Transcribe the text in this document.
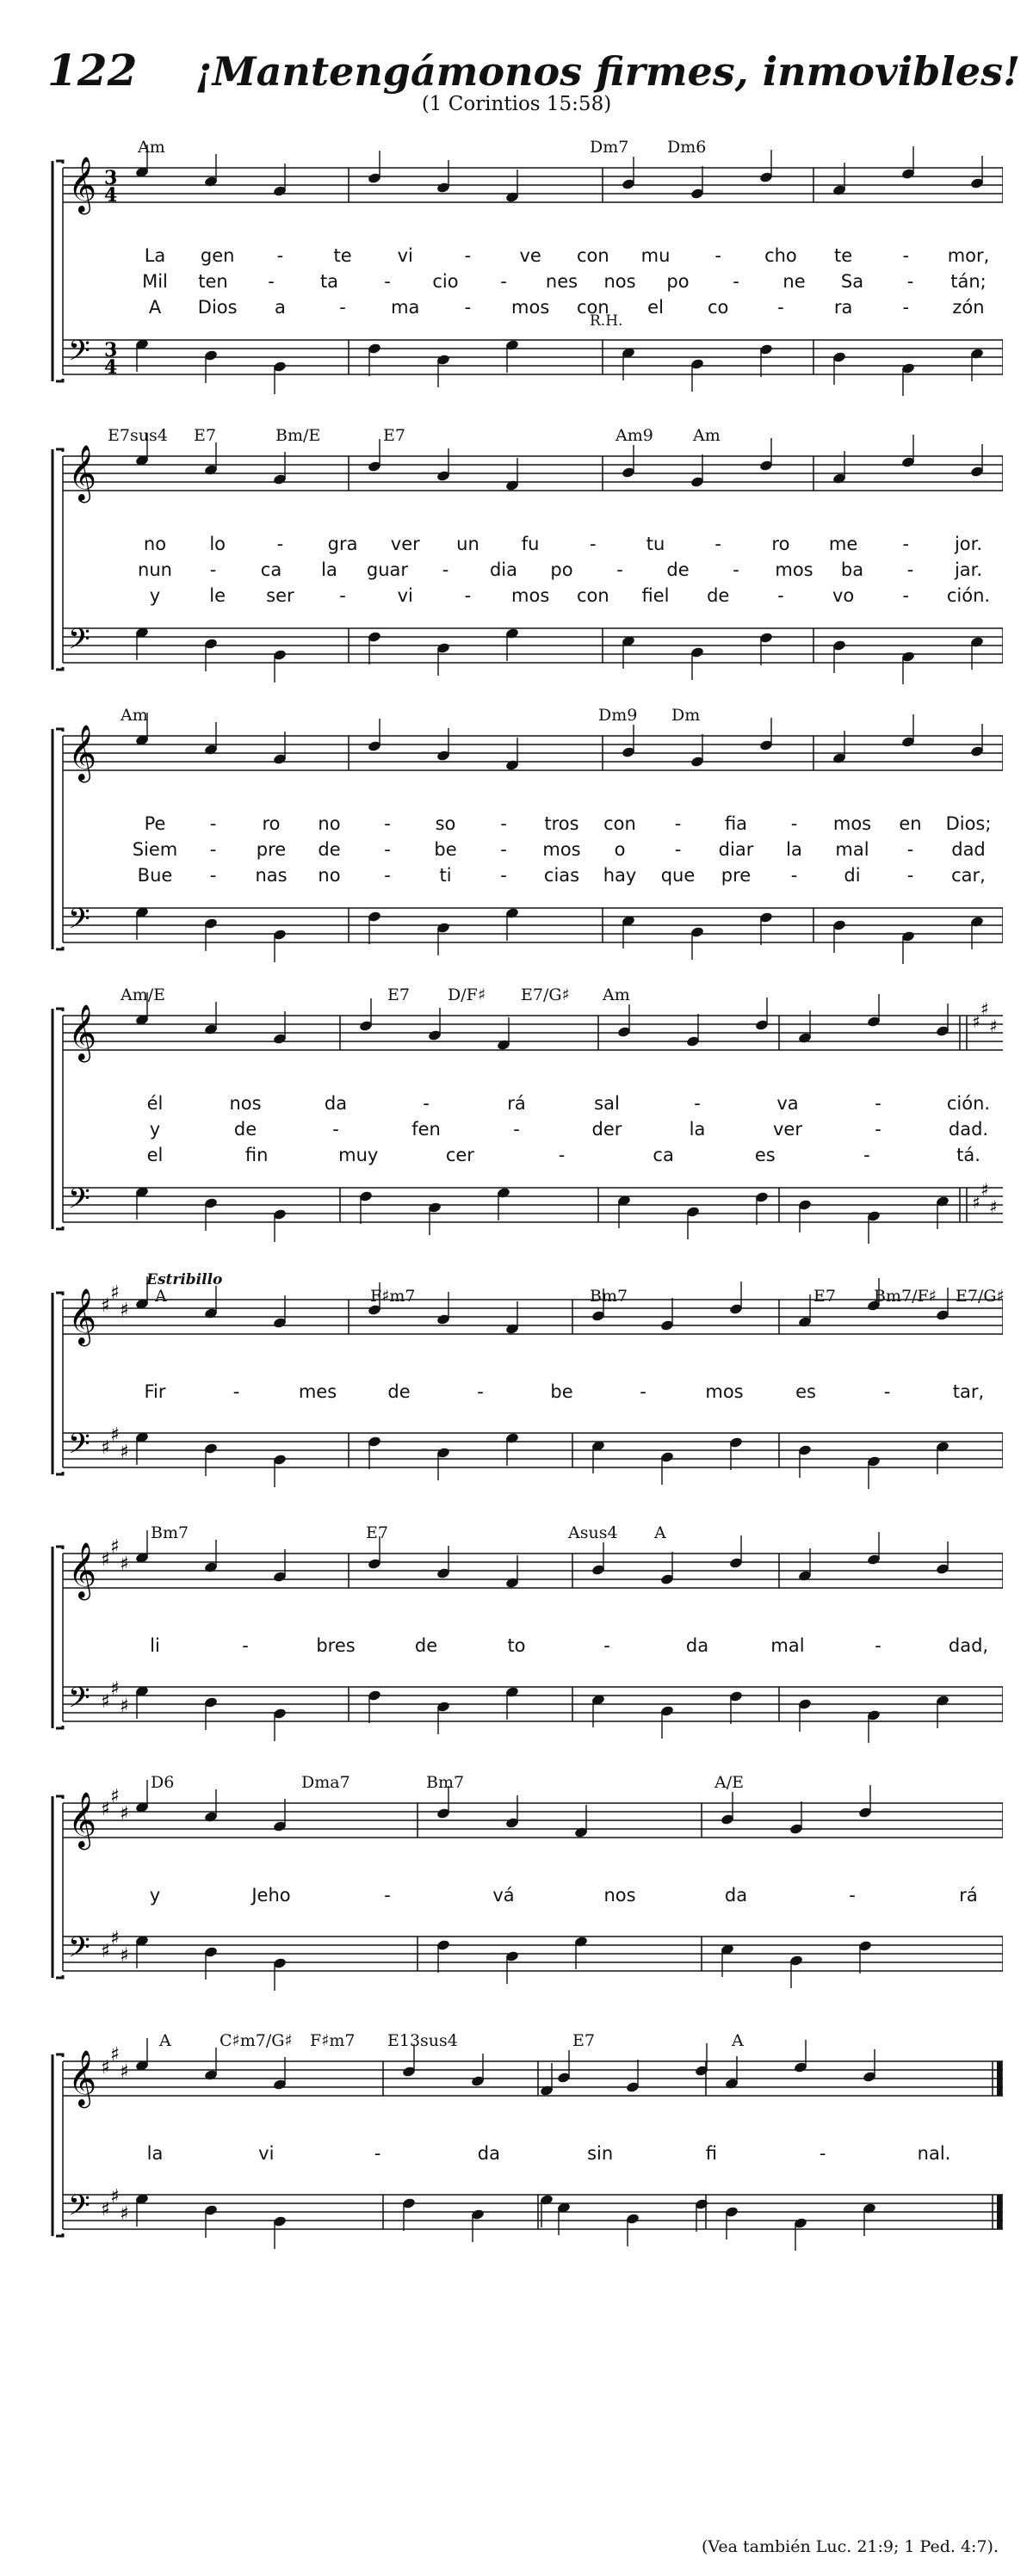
122 ¡Mantengámonos firmes, inmovibles!
(1 Corintios 15:58)
𝄞
𝄢
3
4
3
4
Am	Dm7 Dm6
R.H.
La gen -	te	vi	-	ve con mu - cho te	- mor,
Mil ten -	ta	- cio - nes nos po - ne Sa - tán;
A Dios a	- ma - mos con el co	-	ra	- zón
𝄞
𝄢
E7sus4 E7	Bm/E	E7	Am9 Am
no lo	- gra ver un fu	-	tu	-	ro me -	jor.
nun - ca la guar - dia po - de - mos ba - jar.
y	le ser	-	vi	- mos con fiel de	-	vo	- ción.
𝄞
𝄢
Am	Dm9 Dm
Pe -	ro no - so - tros con - fia - mos en Dios;
Siem - pre de - be - mos o	- diar la mal - dad
Bue - nas no -	ti	- cias hay que pre -	di	- car,
𝄞
𝄢
♯
♯
♯
♯
♯
♯
Am/E	E7 D/F♯ E7/G♯ Am
él	nos	da	-	rá	sal	-	va	-	ción.
y	de	-	fen	-	der	la	ver	-	dad.
el	fin	muy	cer	-	ca	es	-	tá.
𝄞
𝄢
♯
♯
♯
♯
♯
♯
A	F♯m7	Bm7	E7 Bm7/F♯ E7/G♯
Estribillo
Fir	-	mes	de	-	be	-	mos	es	-	tar,
𝄞
𝄢
♯
♯
♯
♯
♯
♯
Bm7	E7	Asus4 A
li	-	bres	de	to	-	da	mal	-	dad,
𝄞
𝄢
♯
♯
♯
♯
♯
♯
D6	Dma7	Bm7	A/E
y	Jeho	-	vá	nos	da	-	rá
𝄞
𝄢
♯
♯
♯
♯
♯
♯
A	C♯m7/G♯ F♯m7 E13sus4	E7	A
la	vi	-	da	sin	fi	-	nal.
(Vea también Luc. 21:9; 1 Ped. 4:7).
